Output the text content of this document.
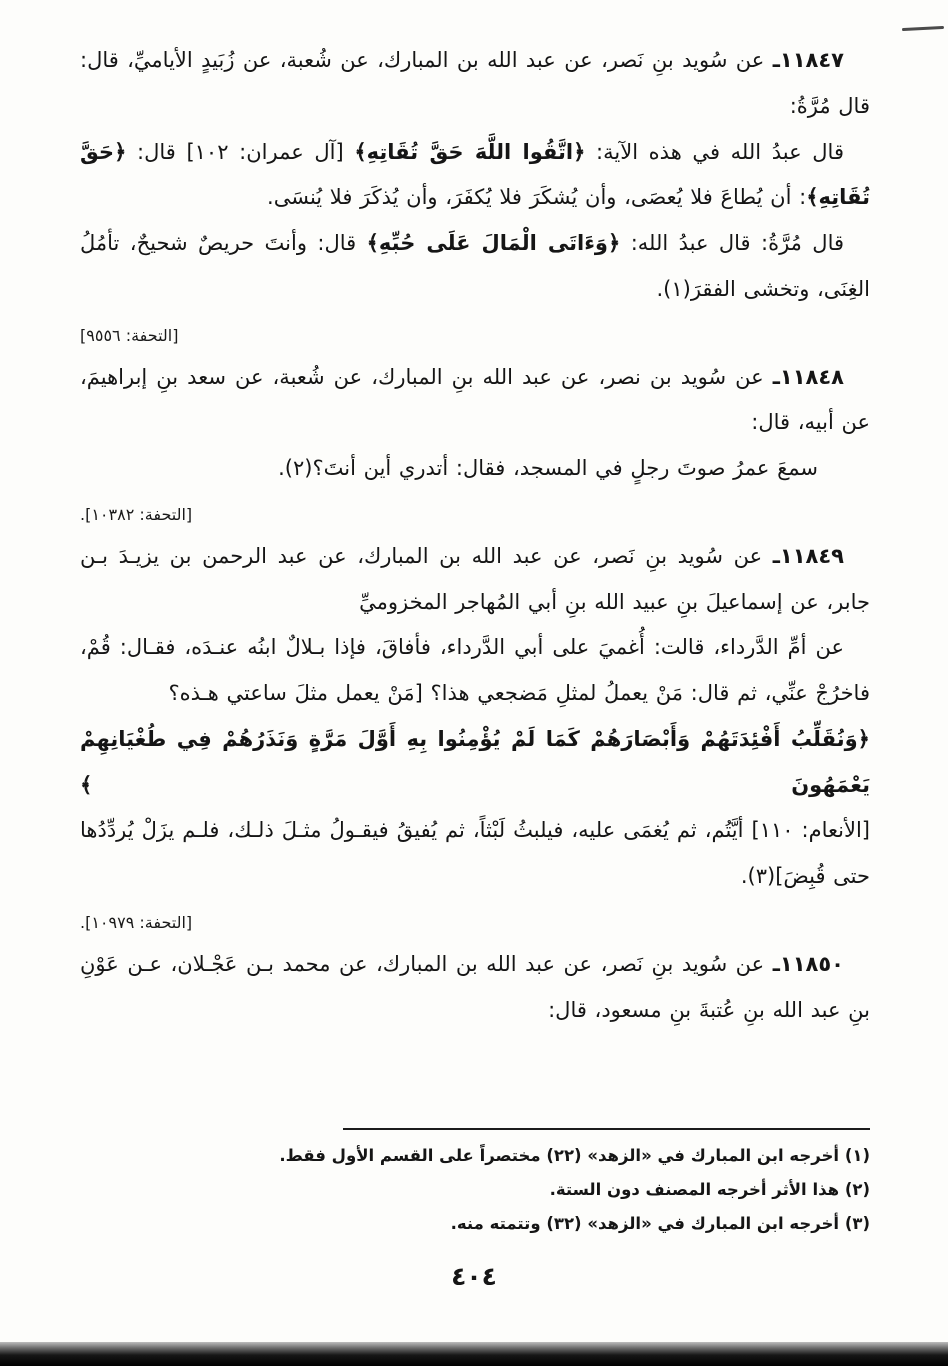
١١٨٤٧ـ عن سُويد بنِ نَصر، عن عبد الله بن المبارك، عن شُعبة، عن زُبَيدٍ الأياميِّ، قال: قال مُرَّةُ:

قال عبدُ الله في هذه الآية: ﴿اتَّقُوا اللَّهَ حَقَّ تُقَاتِهِ﴾ [آل عمران: ١٠٢] قال: ﴿حَقَّ تُقَاتِهِ﴾: أن يُطاعَ فلا يُعصَى، وأن يُشكَرَ فلا يُكفَرَ، وأن يُذكَرَ فلا يُنسَى.

قال مُرَّةُ: قال عبدُ الله: ﴿وَءَاتَى الْمَالَ عَلَى حُبِّهِ﴾ قال: وأنتَ حريصٌ شحيحٌ، تأمُلُ الغِنَى، وتخشى الفقرَ(١).

[التحفة: ٩٥٥٦]

١١٨٤٨ـ عن سُويد بن نصر، عن عبد الله بنِ المبارك، عن شُعبة، عن سعد بنِ إبراهيمَ، عن أبيه، قال:

سمعَ عمرُ صوتَ رجلٍ في المسجد، فقال: أتدري أين أنتَ؟(٢).

[التحفة: ١٠٣٨٢].

١١٨٤٩ـ عن سُويد بنِ نَصر، عن عبد الله بن المبارك، عن عبد الرحمن بن يزيـدَ بـن جابر، عن إسماعيلَ بنِ عبيد الله بنِ أبي المُهاجر المخزوميِّ

عن أمِّ الدَّرداء، قالت: أُغميَ على أبي الدَّرداء، فأفاقَ، فإذا بـلالٌ ابنُه عنـدَه، فقـال: قُمْ، فاخرُجْ عنِّي، ثم قال: مَنْ يعملُ لمثلِ مَضجعي هذا؟ [مَنْ يعمل مثلَ ساعتي هـذه؟

﴿وَنُقَلِّبُ أَفْئِدَتَهُمْ وَأَبْصَارَهُمْ كَمَا لَمْ يُؤْمِنُوا بِهِ أَوَّلَ مَرَّةٍ وَنَذَرُهُمْ فِي طُغْيَانِهِمْ يَعْمَهُونَ ﴾

[الأنعام: ١١٠] أيَّتُم، ثم يُغمَى عليه، فيلبثُ لَبْثاً، ثم يُفيقُ فيقـولُ مثـلَ ذلـك، فلـم يزَلْ يُردِّدُها حتى قُبِضَ](٣).

[التحفة: ١٠٩٧٩].

١١٨٥٠ـ عن سُويد بنِ نَصر، عن عبد الله بن المبارك، عن محمد بـن عَجْـلان، عـن عَوْنِ بنِ عبد الله بنِ عُتبةَ بنِ مسعود، قال:

(١) أخرجه ابن المبارك في «الزهد» (٢٢) مختصراً على القسم الأول فقط.

(٢) هذا الأثر أخرجه المصنف دون الستة.

(٣) أخرجه ابن المبارك في «الزهد» (٣٢) وتتمته منه.

٤٠٤
